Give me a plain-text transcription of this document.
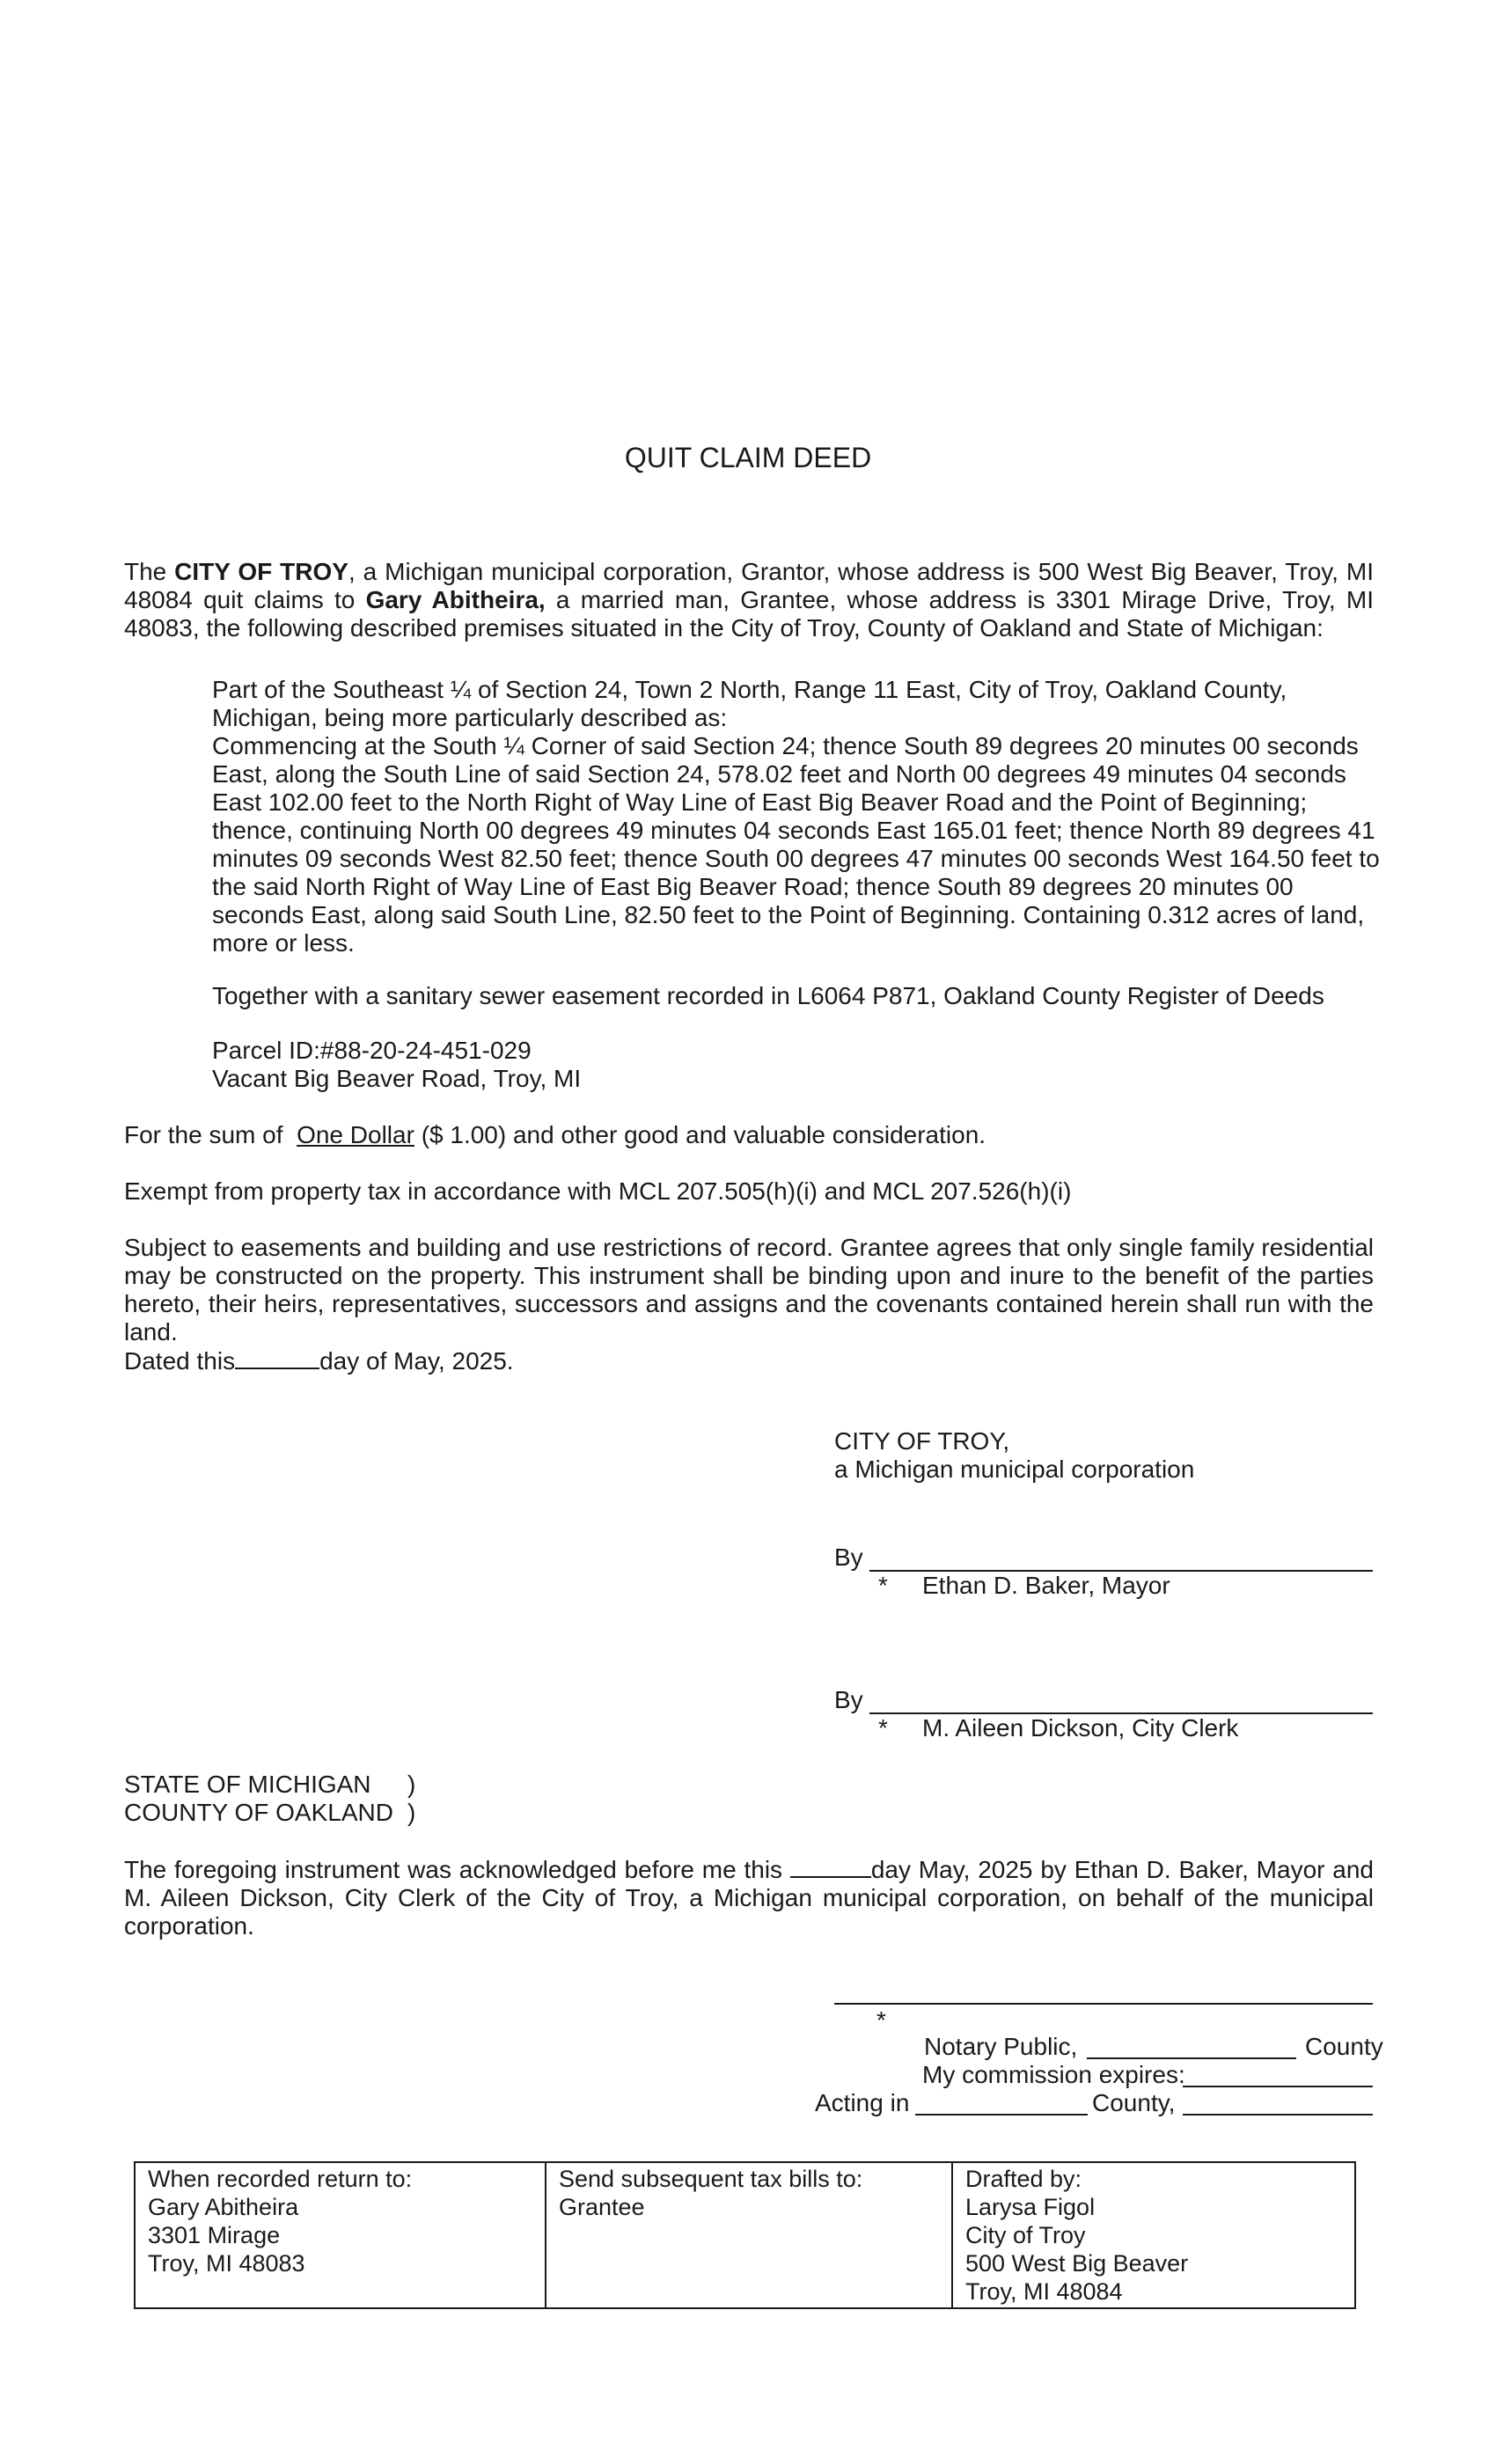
QUIT CLAIM DEED
The CITY OF TROY, a Michigan municipal corporation, Grantor, whose address is 500 West Big Beaver, Troy, MI 48084 quit claims to Gary Abitheira, a married man, Grantee, whose address is 3301 Mirage Drive, Troy, MI 48083, the following described premises situated in the City of Troy, County of Oakland and State of Michigan:
Part of the Southeast ¼ of Section 24, Town 2 North, Range 11 East, City of Troy, Oakland County,
Michigan, being more particularly described as:
Commencing at the South ¼ Corner of said Section 24; thence South 89 degrees 20 minutes 00 seconds
East, along the South Line of said Section 24, 578.02 feet and North 00 degrees 49 minutes 04 seconds
East 102.00 feet to the North Right of Way Line of East Big Beaver Road and the Point of Beginning;
thence, continuing North 00 degrees 49 minutes 04 seconds East 165.01 feet; thence North 89 degrees 41
minutes 09 seconds West 82.50 feet; thence South 00 degrees 47 minutes 00 seconds West 164.50 feet to
the said North Right of Way Line of East Big Beaver Road; thence South 89 degrees 20 minutes 00
seconds East, along said South Line, 82.50 feet to the Point of Beginning. Containing 0.312 acres of land,
more or less.
Together with a sanitary sewer easement recorded in L6064 P871, Oakland County Register of Deeds
Parcel ID:#88-20-24-451-029
Vacant Big Beaver Road, Troy, MI
For the sum of  One Dollar ($ 1.00) and other good and valuable consideration.
Exempt from property tax in accordance with MCL 207.505(h)(i) and MCL 207.526(h)(i)
Subject to easements and building and use restrictions of record. Grantee agrees that only single family residential may be constructed on the property. This instrument shall be binding upon and inure to the benefit of the parties hereto, their heirs, representatives, successors and assigns and the covenants contained herein shall run with the land.
Dated this	day of May, 2025.
CITY OF TROY,
a Michigan municipal corporation
By
* Ethan D. Baker, Mayor
By
* M. Aileen Dickson, City Clerk
STATE OF MICHIGAN )
COUNTY OF OAKLAND )
The foregoing instrument was acknowledged before me this	day May, 2025 by Ethan D. Baker, Mayor and M. Aileen Dickson, City Clerk of the City of Troy, a Michigan municipal corporation, on behalf of the municipal corporation.
*
Notary Public,	County
My commission expires:
Acting in	County,
When recorded return to:
Gary Abitheira
3301 Mirage
Troy, MI 48083

Send subsequent tax bills to:
Grantee

Drafted by:
Larysa Figol
City of Troy
500 West Big Beaver
Troy, MI 48084
